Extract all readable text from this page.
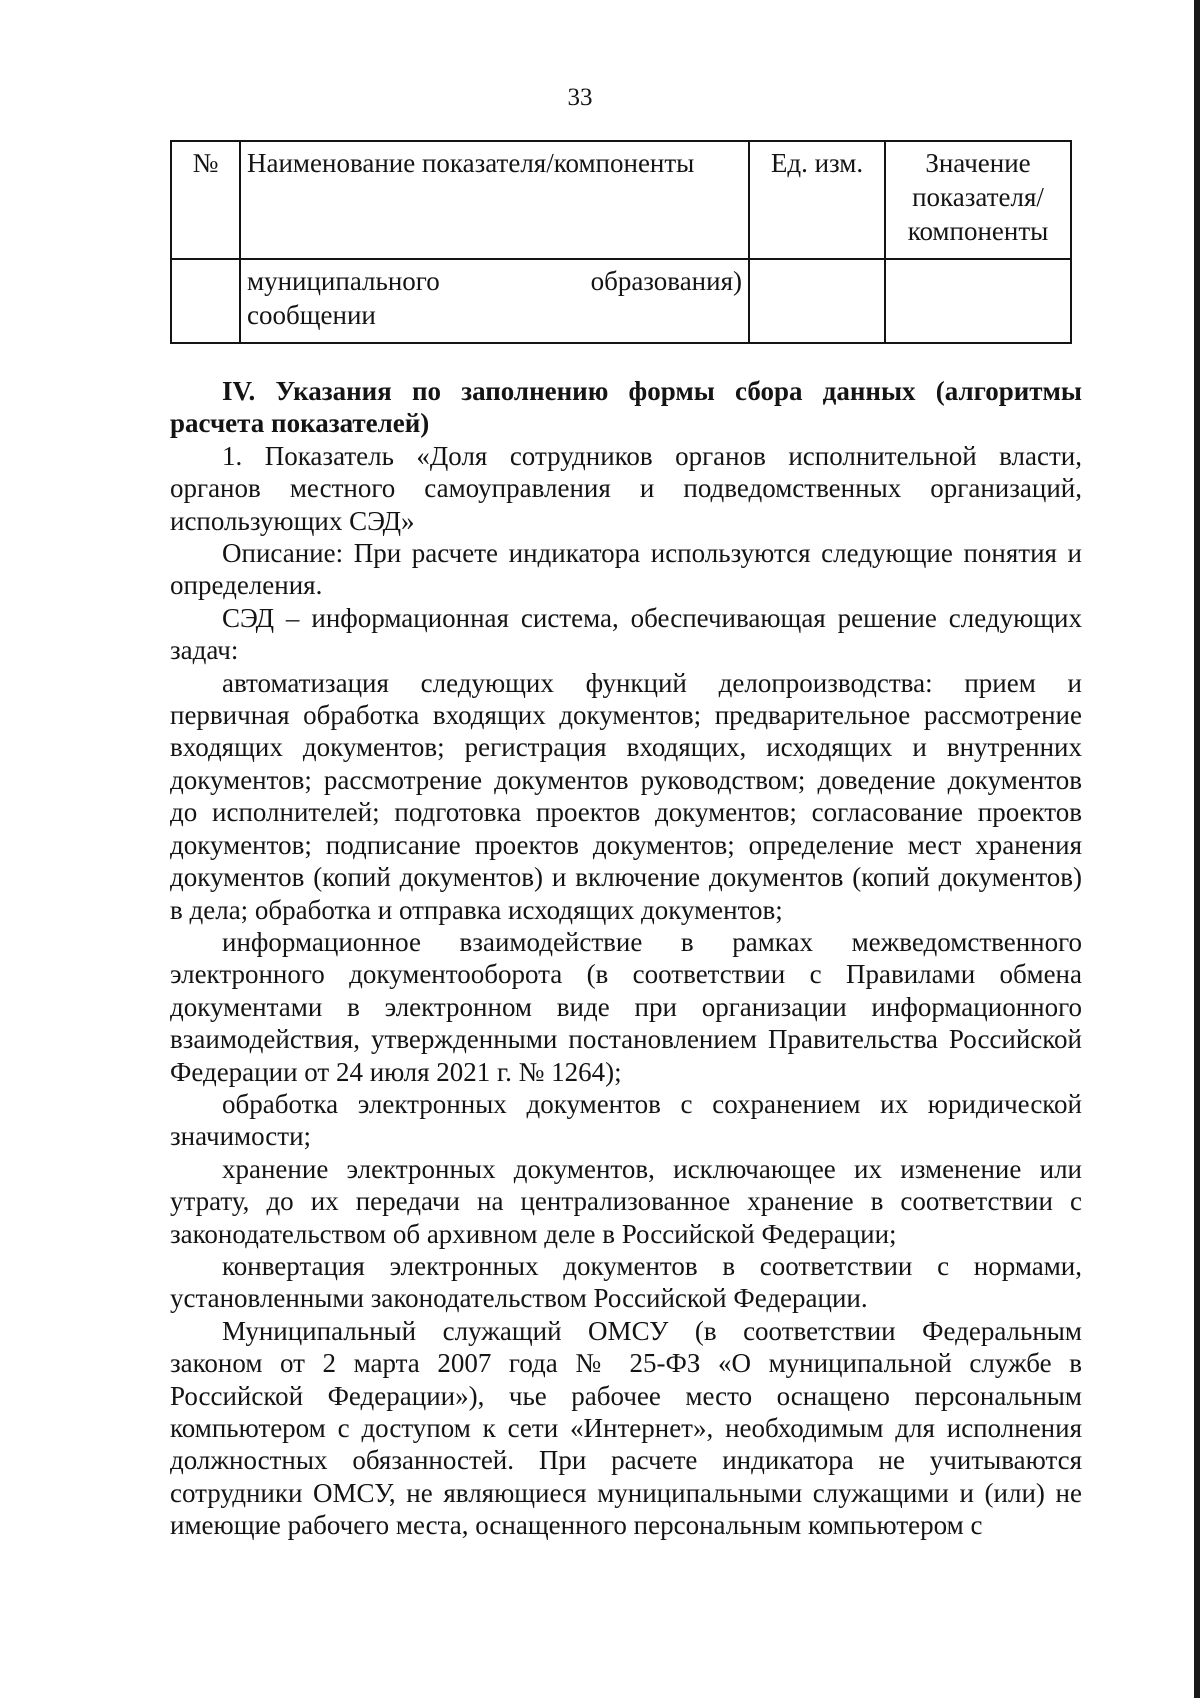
33
№	Наименование показателя/компоненты	Ед. изм.	Значение показателя/ компоненты

	муниципального образования)
сообщении		

IV. Указания по заполнению формы сбора данных (алгоритмы расчета показателей)

1. Показатель «Доля сотрудников органов исполнительной власти, органов местного самоуправления и подведомственных организаций, использующих СЭД»

Описание: При расчете индикатора используются следующие понятия и определения.

СЭД – информационная система, обеспечивающая решение следующих задач:

автоматизация следующих функций делопроизводства: прием и первичная обработка входящих документов; предварительное рассмотрение входящих документов; регистрация входящих, исходящих и внутренних документов; рассмотрение документов руководством; доведение документов до исполнителей; подготовка проектов документов; согласование проектов документов; подписание проектов документов; определение мест хранения документов (копий документов) и включение документов (копий документов) в дела; обработка и отправка исходящих документов;

информационное взаимодействие в рамках межведомственного электронного документооборота (в соответствии с Правилами обмена документами в электронном виде при организации информационного взаимодействия, утвержденными постановлением Правительства Российской Федерации от 24 июля 2021 г. № 1264);

обработка электронных документов с сохранением их юридической значимости;

хранение электронных документов, исключающее их изменение или утрату, до их передачи на централизованное хранение в соответствии с законодательством об архивном деле в Российской Федерации;

конвертация электронных документов в соответствии с нормами, установленными законодательством Российской Федерации.

Муниципальный служащий ОМСУ (в соответствии Федеральным законом от 2 марта 2007 года № 25-ФЗ «О муниципальной службе в Российской Федерации»), чье рабочее место оснащено персональным компьютером с доступом к сети «Интернет», необходимым для исполнения должностных обязанностей. При расчете индикатора не учитываются сотрудники ОМСУ, не являющиеся муниципальными служащими и (или) не имеющие рабочего места, оснащенного персональным компьютером с
